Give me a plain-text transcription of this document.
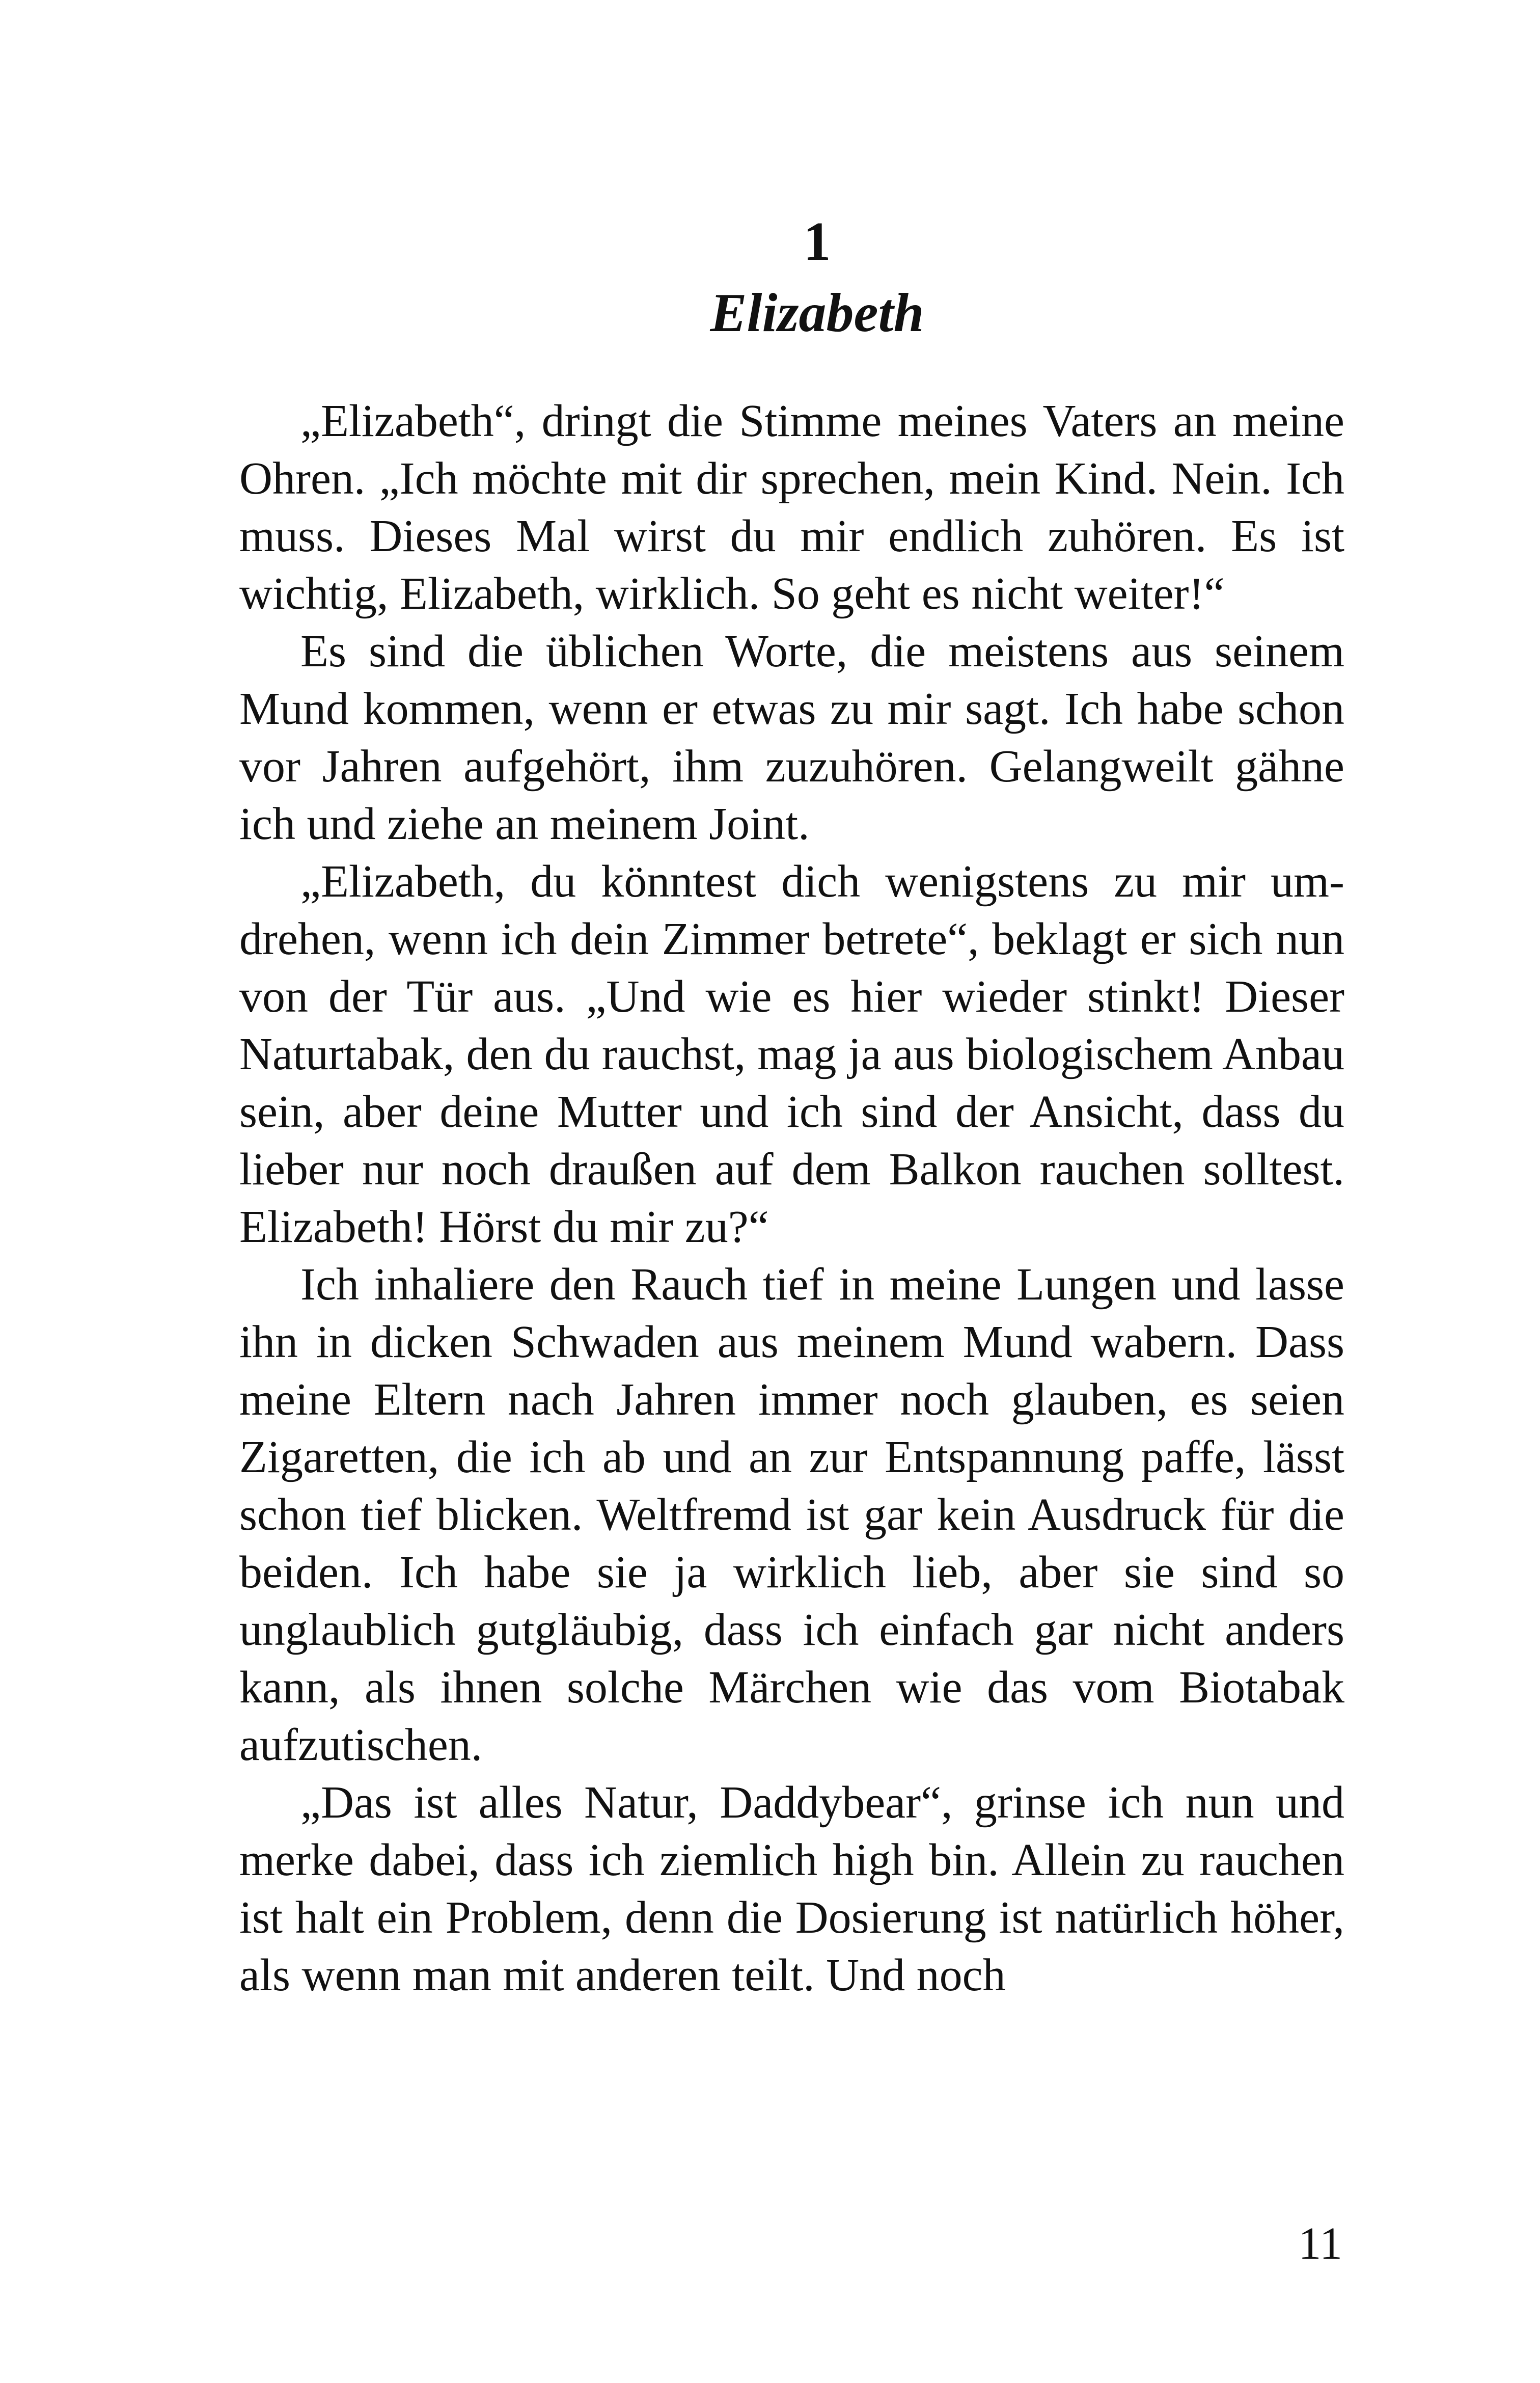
1
Elizabeth

„Elizabeth“, dringt die Stimme meines Vaters an meine Ohren. „Ich möchte mit dir sprechen, mein Kind. Nein. Ich muss. Dieses Mal wirst du mir endlich zuhören. Es ist wichtig, Elizabeth, wirklich. So geht es nicht weiter!“

Es sind die üblichen Worte, die meistens aus seinem Mund kommen, wenn er etwas zu mir sagt. Ich habe schon vor Jahren aufgehört, ihm zuzuhören. Gelangweilt gähne ich und ziehe an meinem Joint.

„Elizabeth, du könntest dich wenigstens zu mir umdrehen, wenn ich dein Zimmer betrete“, beklagt er sich nun von der Tür aus. „Und wie es hier wieder stinkt! Dieser Naturtabak, den du rauchst, mag ja aus biologischem Anbau sein, aber deine Mutter und ich sind der Ansicht, dass du lieber nur noch draußen auf dem Balkon rauchen solltest. Elizabeth! Hörst du mir zu?“

Ich inhaliere den Rauch tief in meine Lungen und lasse ihn in dicken Schwaden aus meinem Mund wabern. Dass meine Eltern nach Jahren immer noch glauben, es seien Zigaretten, die ich ab und an zur Entspannung paffe, lässt schon tief blicken. Weltfremd ist gar kein Ausdruck für die beiden. Ich habe sie ja wirklich lieb, aber sie sind so unglaublich gutgläubig, dass ich einfach gar nicht anders kann, als ihnen solche Märchen wie das vom Biotabak aufzutischen.

„Das ist alles Natur, Daddybear“, grinse ich nun und merke dabei, dass ich ziemlich high bin. Allein zu rauchen ist halt ein Problem, denn die Dosierung ist natürlich höher, als wenn man mit anderen teilt. Und noch

11
